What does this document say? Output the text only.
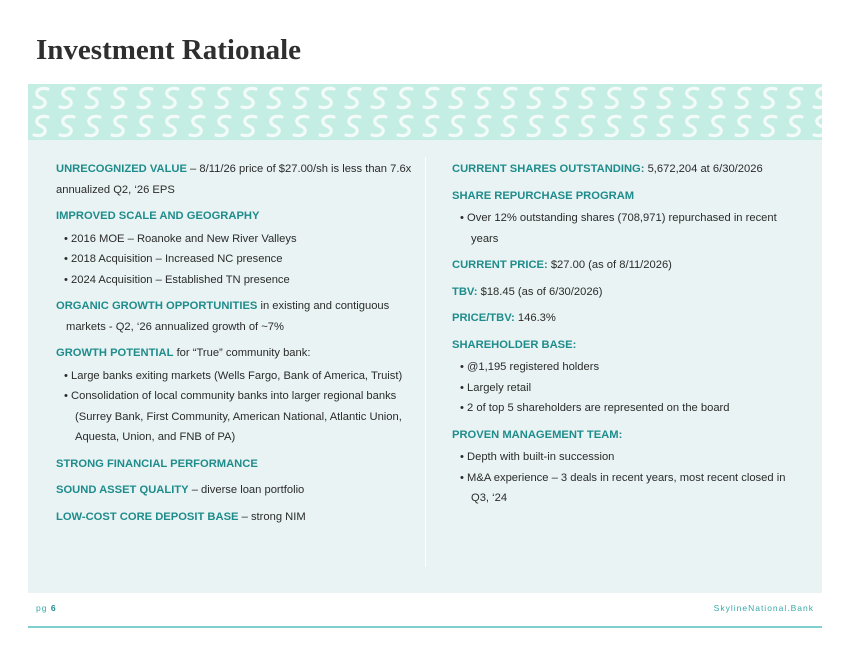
Investment Rationale

UNRECOGNIZED VALUE – 8/11/26 price of $27.00/sh is less than 7.6x annualized Q2, ‘26 EPS

IMPROVED SCALE AND GEOGRAPHY

• 2016 MOE – Roanoke and New River Valleys
• 2018 Acquisition – Increased NC presence
• 2024 Acquisition – Established TN presence

ORGANIC GROWTH OPPORTUNITIES in existing and contiguous markets - Q2, ‘26 annualized growth of ~7%

GROWTH POTENTIAL for “True” community bank:

• Large banks exiting markets (Wells Fargo, Bank of America, Truist)
• Consolidation of local community banks into larger regional banks (Surrey Bank, First Community, American National, Atlantic Union, Aquesta, Union, and FNB of PA)

STRONG FINANCIAL PERFORMANCE

SOUND ASSET QUALITY – diverse loan portfolio

LOW-COST CORE DEPOSIT BASE – strong NIM

CURRENT SHARES OUTSTANDING: 5,672,204 at 6/30/2026

SHARE REPURCHASE PROGRAM

• Over 12% outstanding shares (708,971) repurchased in recent years

CURRENT PRICE: $27.00 (as of 8/11/2026)

TBV: $18.45 (as of 6/30/2026)

PRICE/TBV: 146.3%

SHAREHOLDER BASE:

• @1,195 registered holders
• Largely retail
• 2 of top 5 shareholders are represented on the board

PROVEN MANAGEMENT TEAM:

• Depth with built-in succession
• M&A experience – 3 deals in recent years, most recent closed in Q3, ‘24
pg 6	SkylineNational.Bank
